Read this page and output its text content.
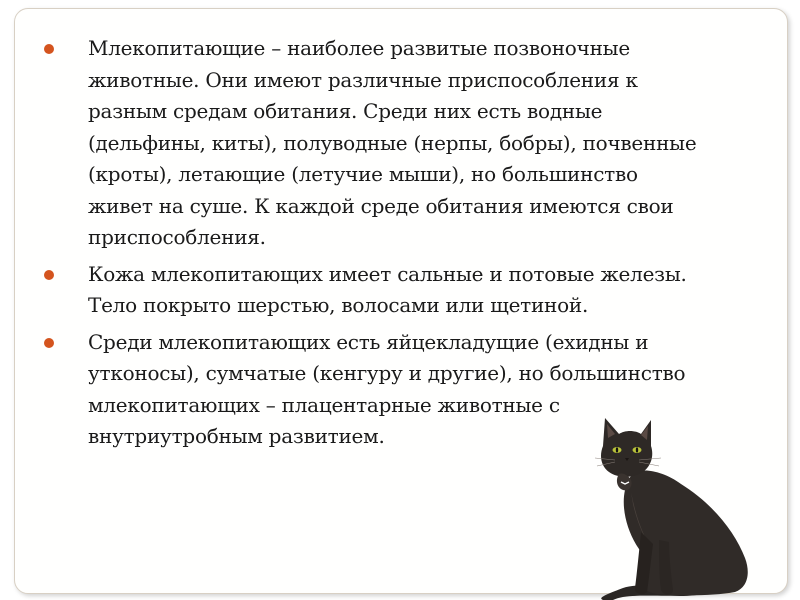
Млекопитающие – наиболее развитые позвоночные животные. Они имеют различные приспособления к разным средам обитания. Среди них есть водные (дельфины, киты), полуводные (нерпы, бобры), почвенные (кроты), летающие (летучие мыши), но большинство живет на суше. К каждой среде обитания имеются свои приспособления.
Кожа млекопитающих имеет сальные и потовые железы. Тело покрыто шерстью, волосами или щетиной.
Среди млекопитающих есть яйцекладущие (ехидны и утконосы), сумчатые (кенгуру и другие), но большинство млекопитающих – плацентарные животные с внутриутробным развитием.
